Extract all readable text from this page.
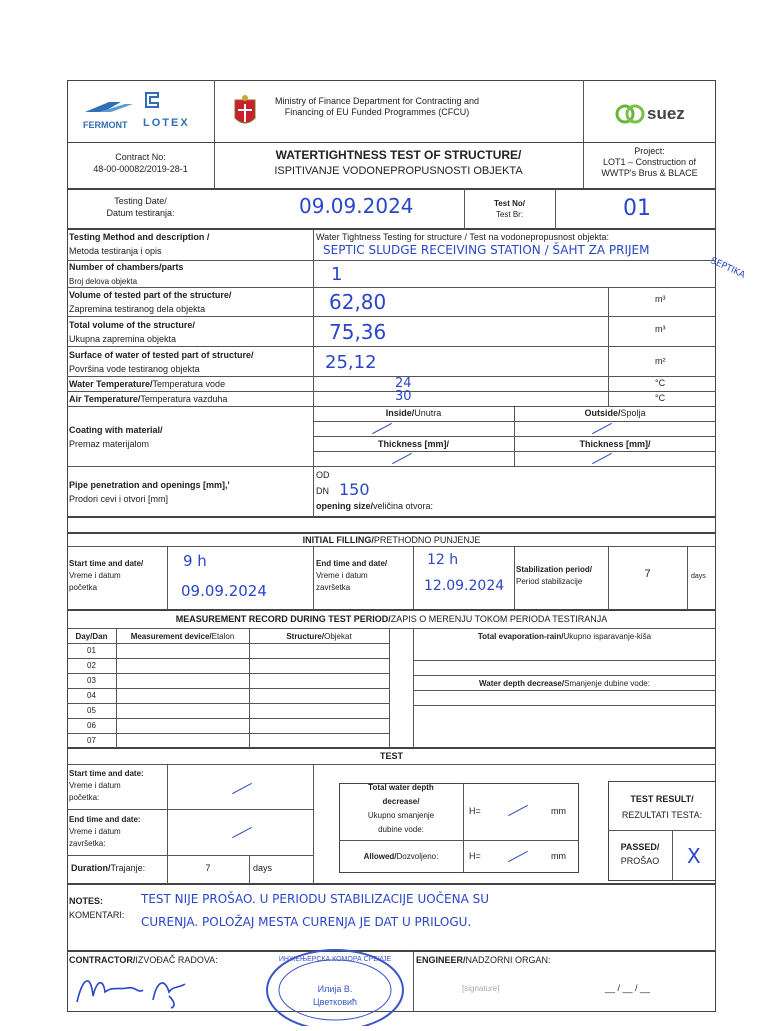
FERMONT LOTEX
Ministry of Finance Department for Contracting and Financing of EU Funded Programmes (CFCU)	suez
Contract No:
48-00-00082/2019-28-1
WATERTIGHTNESS TEST OF STRUCTURE/
ISPITIVANJE VODONEPROPUSNOSTI OBJEKTA
Project:
LOT1 – Construction of
WWTP's Brus & BLACE
Testing Date/
Datum testiranja:	09.09.2024	Test No/
Test Br:	01
Testing Method and description /
Metoda testiranja i opis
Water Tightness Testing for structure / Test na vodonepropusnost objekta:
SEPTIC SLUDGE RECEIVING STATION / ŠAHT ZA PRIJEM
SEPTIKA
Number of chambers/parts
Broj delova objekta	1
Volume of tested part of the structure/
Zapremina testiranog dela objekta	62,80	m³
Total volume of the structure/
Ukupna zapremina objekta	75,36	m³
Surface of water of tested part of structure/
Površina vode testiranog objekta	25,12	m²
Water Temperature/Temperatura vode	24	°C
Air Temperature/Temperatura vazduha	30	°C
Coating with material/
Premaz materijalom
Inside/Unutra	Outside/Spolja
Thickness [mm]/	Thickness [mm]/
Pipe penetration and openings [mm],'
Prodori cevi i otvori [mm]
OD
DN 150
opening size/veličina otvora:
INITIAL FILLING/PRETHODNO PUNJENJE
Start time and date/
Vreme i datum
početka
9 h
09.09.2024
End time and date/
Vreme i datum
završetka
12 h
12.09.2024
Stabilization period/
Period stabilizacije
7	days
MEASUREMENT RECORD DURING TEST PERIOD/ZAPIS O MERENJU TOKOM PERIODA TESTIRANJA
Day/Dan	Measurement device/Etalon	Structure/Objekat	Total evaporation-rain/Ukupno isparavanje-kiša
Water depth decrease/Smanjenje dubine vode:
01
02
03
04
05
06
07
TEST
Start time and date:
Vreme i datum
početka:
End time and date:
Vreme i datum
završetka:
Duration/Trajanje:	7	days
Total water depth
decrease/
Ukupno smanjenje
dubine vode:
H=	mm
Allowed/Dozvoljeno:	H=	mm
TEST RESULT/
REZULTATI TESTA:
PASSED/
PROŠAO	X
NOTES:
KOMENTARI:
TEST NIJE PROŠAO. U PERIODU STABILIZACIJE UOČENA SU
CURENJA. POLOŽAJ MESTA CURENJA JE DAT U PRILOGU.
CONTRACTOR/IZVOĐAČ RADOVA:	ENGINEER/NADZORNI ORGAN:
ИНЖЕЊЕРСКА КОМОРА СРБИЈЕ
Илија В.
Цветковић
[signature]	__ / __ / __
